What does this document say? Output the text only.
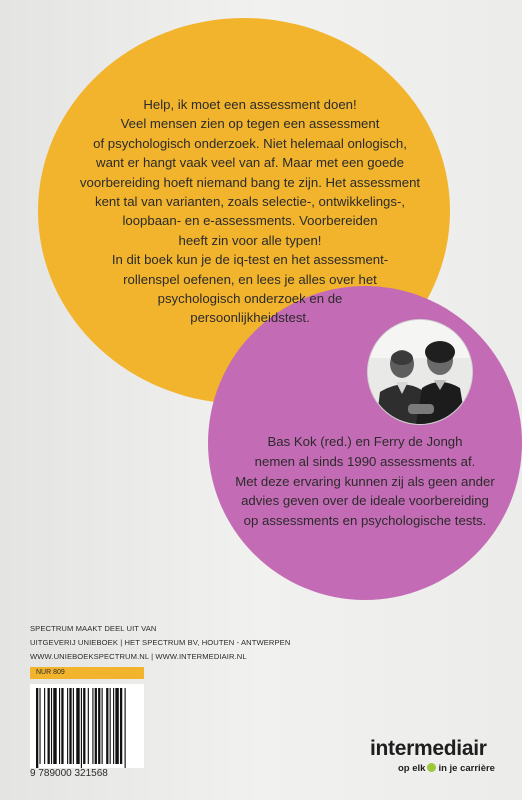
Help, ik moet een assessment doen!
Veel mensen zien op tegen een assessment
of psychologisch onderzoek. Niet helemaal onlogisch,
want er hangt vaak veel van af. Maar met een goede
voorbereiding hoeft niemand bang te zijn. Het assessment
kent tal van varianten, zoals selectie-, ontwikkelings-,
loopbaan- en e-assessments. Voorbereiden
heeft zin voor alle typen!
In dit boek kun je de iq-test en het assessment-
rollenspel oefenen, en lees je alles over het
psychologisch onderzoek en de
persoonlijkheidstest.
Bas Kok (red.) en Ferry de Jongh
nemen al sinds 1990 assessments af.
Met deze ervaring kunnen zij als geen ander
advies geven over de ideale voorbereiding
op assessments en psychologische tests.
SPECTRUM MAAKT DEEL UIT VAN
UITGEVERIJ UNIEBOEK | HET SPECTRUM BV, HOUTEN - ANTWERPEN
WWW.UNIEBOEKSPECTRUM.NL | WWW.INTERMEDIAIR.NL
NUR 809
9 789000 321568
intermediair
op elk in je carrière
